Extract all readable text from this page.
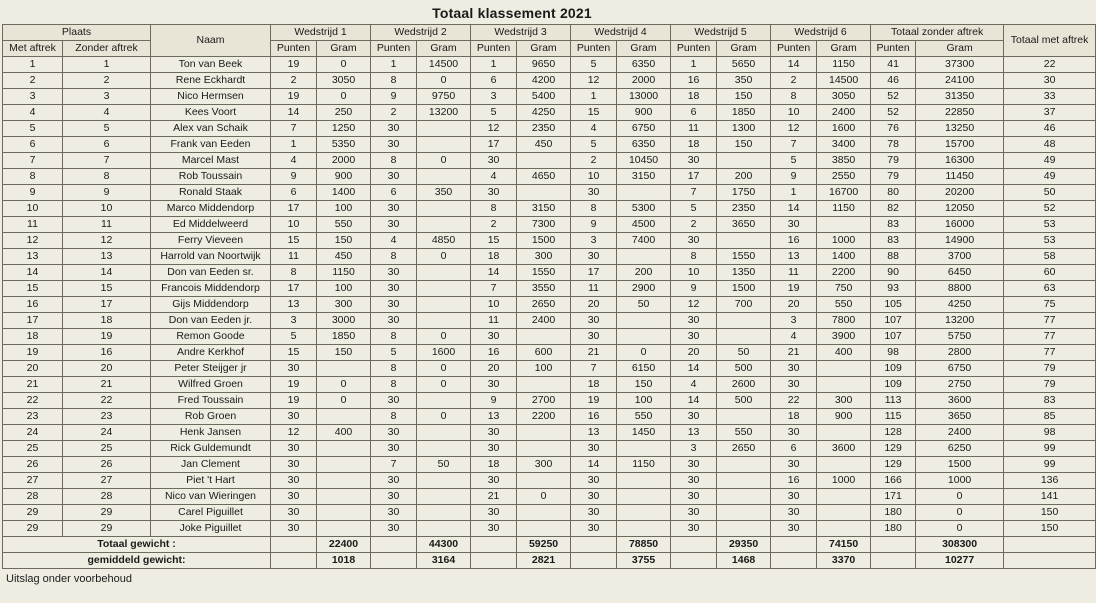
Totaal klassement 2021
Plaats		Naam	Wedstrijd 1		Wedstrijd 2		Wedstrijd 3		Wedstrijd 4		Wedstrijd 5		Wedstrijd 6		Totaal zonder aftrek		Totaal met aftrek	
Met aftrek	Zonder aftrek		Punten	Gram	Punten	Gram	Punten	Gram	Punten	Gram	Punten	Gram	Punten	Gram	Punten	Gram	
1	1	Ton van Beek	19	0	1	14500	1	9650	5	6350	1	5650	14	1150	41	37300	22	
2	2	Rene Eckhardt	2	3050	8	0	6	4200	12	2000	16	350	2	14500	46	24100	30	
3	3	Nico Hermsen	19	0	9	9750	3	5400	1	13000	18	150	8	3050	52	31350	33	
4	4	Kees Voort	14	250	2	13200	5	4250	15	900	6	1850	10	2400	52	22850	37	
5	5	Alex van Schaik	7	1250	30		12	2350	4	6750	11	1300	12	1600	76	13250	46	
6	6	Frank van Eeden	1	5350	30		17	450	5	6350	18	150	7	3400	78	15700	48	
7	7	Marcel Mast	4	2000	8	0	30		2	10450	30		5	3850	79	16300	49	
8	8	Rob Toussain	9	900	30		4	4650	10	3150	17	200	9	2550	79	11450	49	
9	9	Ronald Staak	6	1400	6	350	30		30		7	1750	1	16700	80	20200	50	
10	10	Marco Middendorp	17	100	30		8	3150	8	5300	5	2350	14	1150	82	12050	52	
11	11	Ed Middelweerd	10	550	30		2	7300	9	4500	2	3650	30		83	16000	53	
12	12	Ferry Vieveen	15	150	4	4850	15	1500	3	7400	30		16	1000	83	14900	53	
13	13	Harrold van Noortwijk	11	450	8	0	18	300	30		8	1550	13	1400	88	3700	58	
14	14	Don van Eeden sr.	8	1150	30		14	1550	17	200	10	1350	11	2200	90	6450	60	
15	15	Francois Middendorp	17	100	30		7	3550	11	2900	9	1500	19	750	93	8800	63	
16	17	Gijs Middendorp	13	300	30		10	2650	20	50	12	700	20	550	105	4250	75	
17	18	Don van Eeden jr.	3	3000	30		11	2400	30		30		3	7800	107	13200	77	
18	19	Remon Goode	5	1850	8	0	30		30		30		4	3900	107	5750	77	
19	16	Andre Kerkhof	15	150	5	1600	16	600	21	0	20	50	21	400	98	2800	77	
20	20	Peter Steijger jr	30		8	0	20	100	7	6150	14	500	30		109	6750	79	
21	21	Wilfred Groen	19	0	8	0	30		18	150	4	2600	30		109	2750	79	
22	22	Fred Toussain	19	0	30		9	2700	19	100	14	500	22	300	113	3600	83	
23	23	Rob Groen	30		8	0	13	2200	16	550	30		18	900	115	3650	85	
24	24	Henk Jansen	12	400	30		30		13	1450	13	550	30		128	2400	98	
25	25	Rick Guldemundt	30		30		30		30		3	2650	6	3600	129	6250	99	
26	26	Jan Clement	30		7	50	18	300	14	1150	30		30		129	1500	99	
27	27	Piet 't Hart	30		30		30		30		30		16	1000	166	1000	136	
28	28	Nico van Wieringen	30		30		21	0	30		30		30		171	0	141	
29	29	Carel Piguillet	30		30		30		30		30		30		180	0	150	
29	29	Joke Piguillet	30		30		30		30		30		30		180	0	150	
Totaal gewicht :				22400		44300		59250		78850		29350		74150		308300		
gemiddeld gewicht:				1018		3164		2821		3755		1468		3370		10277		
Uitslag onder voorbehoud
